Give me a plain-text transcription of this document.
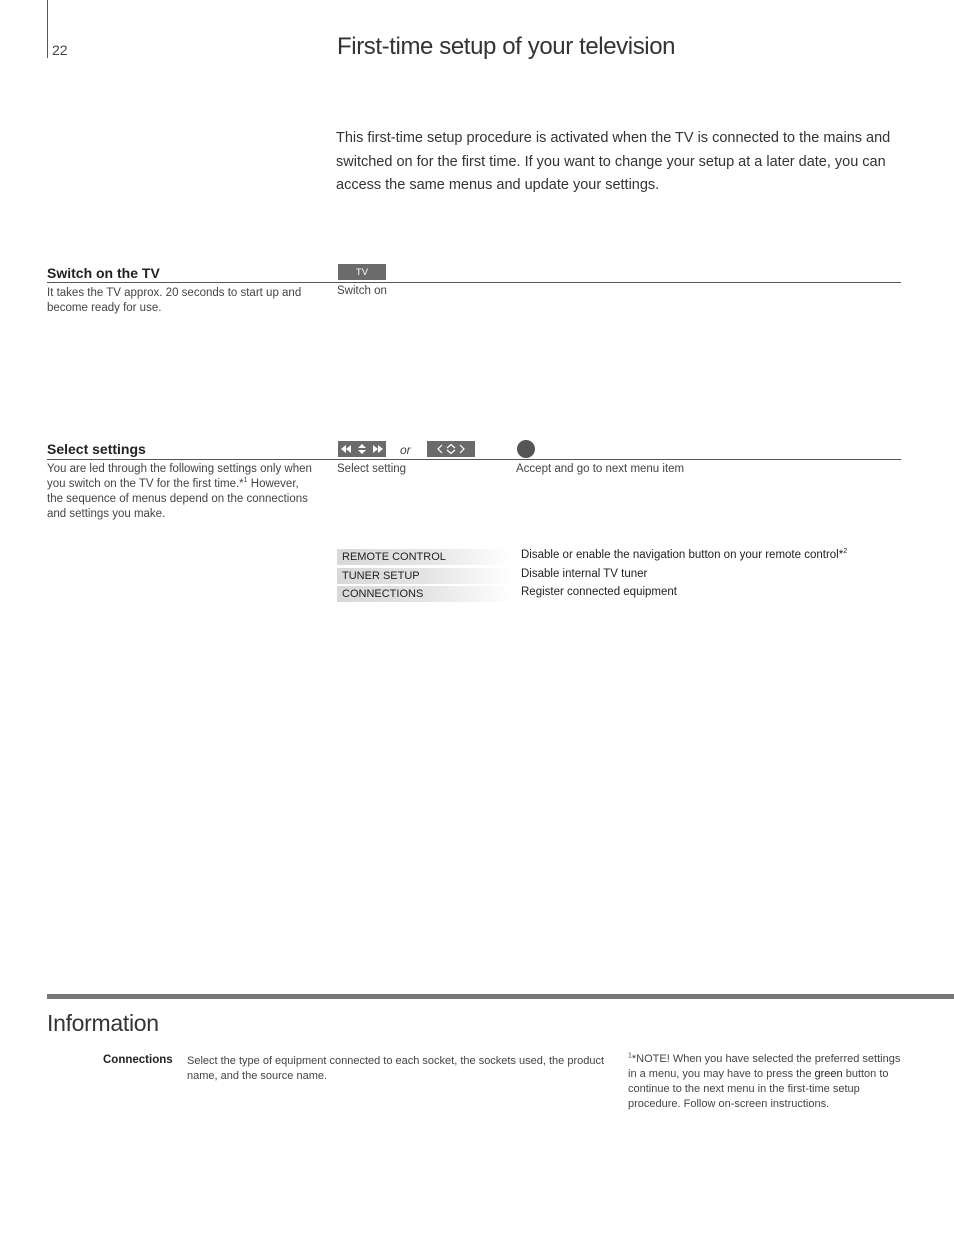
22	First-time setup of your television
This first-time setup procedure is activated when the TV is connected to the mains and switched on for the first time. If you want to change your setup at a later date, you can access the same menus and update your settings.
Switch on the TV	TV
It takes the TV approx. 20 seconds to start up and become ready for use.
Switch on
Select settings	or
You are led through the following settings only when you switch on the TV for the first time.*$^1$ However, the sequence of menus depend on the connections and settings you make.
Select setting	Accept and go to next menu item
REMOTE CONTROL	Disable or enable the navigation button on your remote control*$^2$
TUNER SETUP	Disable internal TV tuner
CONNECTIONS	Register connected equipment
Information
Connections Select the type of equipment connected to each socket, the sockets used, the product name, and the source name.
$^1$*NOTE! When you have selected the preferred settings in a menu, you may have to press the green button to continue to the next menu in the first-time setup procedure. Follow on-screen instructions.
